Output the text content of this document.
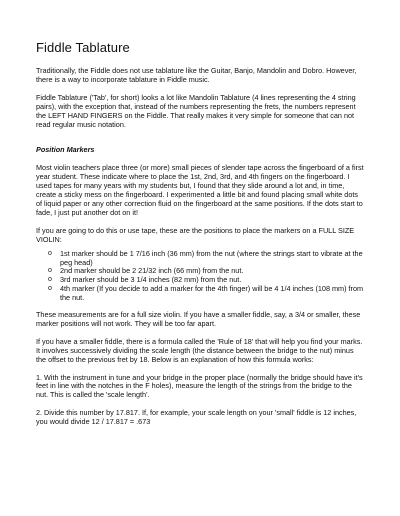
Fiddle Tablature

Traditionally, the Fiddle does not use tablature like the Guitar, Banjo, Mandolin and Dobro. However, there is a way to incorporate tablature in Fiddle music.

Fiddle Tablature ('Tab', for short) looks a lot like Mandolin Tablature (4 lines representing the 4 string pairs), with the exception that, instead of the numbers representing the frets, the numbers represent the LEFT HAND FINGERS on the Fiddle. That really makes it very simple for someone that can not read regular music notation.

Position Markers

Most violin teachers place three (or more) small pieces of slender tape across the fingerboard of a first year student. These indicate where to place the 1st, 2nd, 3rd, and 4th fingers on the fingerboard. I used tapes for many years with my students but, I found that they slide around a lot and, in time, create a sticky mess on the fingerboard. I experimented a little bit and found placing small white dots of liquid paper or any other correction fluid on the fingerboard at the same positions. If the dots start to fade, I just put another dot on it!

If you are going to do this or use tape, these are the positions to place the markers on a FULL SIZE VIOLIN:

o 1st marker should be 1 7/16 inch (36 mm) from the nut (where the strings start to vibrate at the peg head)
o 2nd marker should be 2 21/32 inch (66 mm) from the nut.
o 3rd marker should be 3 1/4 inches (82 mm) from the nut.
o 4th marker (If you decide to add a marker for the 4th finger) will be 4 1/4 inches (108 mm) from the nut.

These measurements are for a full size violin. If you have a smaller fiddle, say, a 3/4 or smaller, these marker positions will not work. They will be too far apart.

If you have a smaller fiddle, there is a formula called the 'Rule of 18' that will help you find your marks. It involves successively dividing the scale length (the distance between the bridge to the nut) minus the offset to the previous fret by 18. Below is an explanation of how this formula works:

1. With the instrument in tune and your bridge in the proper place (normally the bridge should have it's feet in line with the notches in the F holes), measure the length of the strings from the bridge to the nut. This is called the 'scale length'.

2. Divide this number by 17.817. If, for example, your scale length on your 'small' fiddle is 12 inches, you would divide 12 / 17.817 = .673
